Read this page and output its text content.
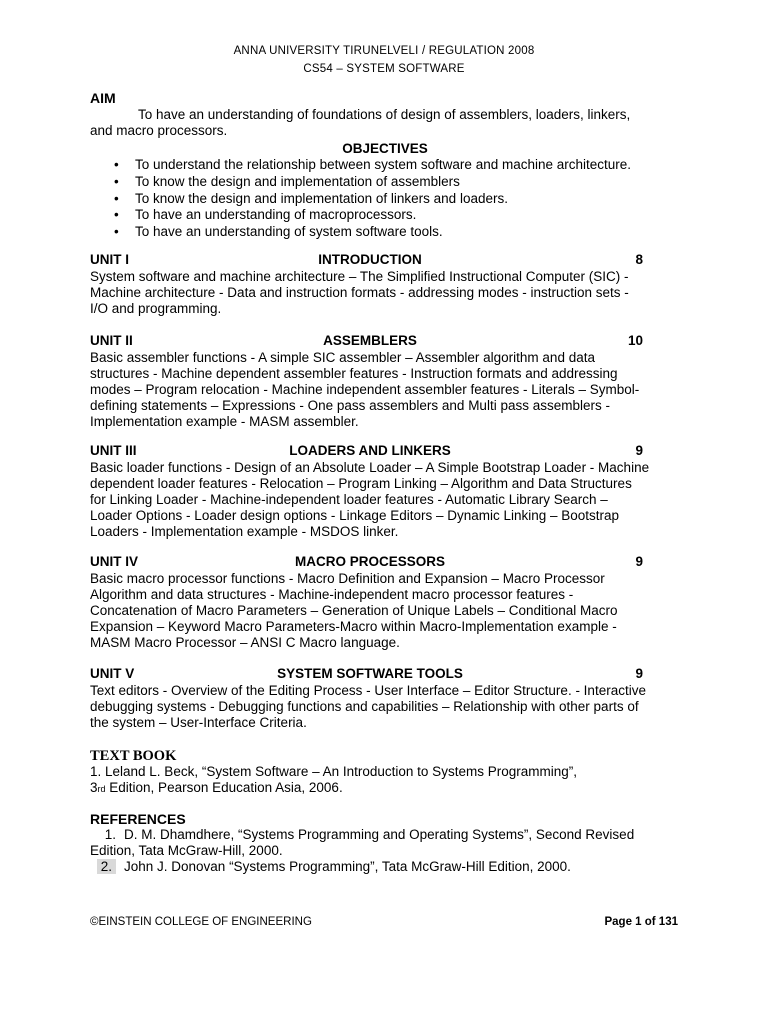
ANNA UNIVERSITY TIRUNELVELI / REGULATION 2008
CS54 – SYSTEM SOFTWARE
AIM

To have an understanding of foundations of design of assemblers, loaders, linkers, and macro processors.

OBJECTIVES
• To understand the relationship between system software and machine architecture.
• To know the design and implementation of assemblers
• To know the design and implementation of linkers and loaders.
• To have an understanding of macroprocessors.
• To have an understanding of system software tools.
UNIT I	INTRODUCTION	8

System software and machine architecture – The Simplified Instructional Computer (SIC) - Machine architecture - Data and instruction formats - addressing modes - instruction sets - I/O and programming.

UNIT II	ASSEMBLERS	10

Basic assembler functions - A simple SIC assembler – Assembler algorithm and data structures - Machine dependent assembler features - Instruction formats and addressing modes – Program relocation - Machine independent assembler features - Literals – Symbol-defining statements – Expressions - One pass assemblers and Multi pass assemblers - Implementation example - MASM assembler.

UNIT III	LOADERS AND LINKERS	9

Basic loader functions - Design of an Absolute Loader – A Simple Bootstrap Loader - Machine dependent loader features - Relocation – Program Linking – Algorithm and Data Structures for Linking Loader - Machine-independent loader features - Automatic Library Search – Loader Options - Loader design options - Linkage Editors – Dynamic Linking – Bootstrap Loaders - Implementation example - MSDOS linker.

UNIT IV	MACRO PROCESSORS	9

Basic macro processor functions - Macro Definition and Expansion – Macro Processor Algorithm and data structures - Machine-independent macro processor features - Concatenation of Macro Parameters – Generation of Unique Labels – Conditional Macro Expansion – Keyword Macro Parameters-Macro within Macro-Implementation example - MASM Macro Processor – ANSI C Macro language.

UNIT V	SYSTEM SOFTWARE TOOLS	9

Text editors - Overview of the Editing Process - User Interface – Editor Structure. - Interactive debugging systems - Debugging functions and capabilities – Relationship with other parts of the system – User-Interface Criteria.

TEXT BOOK
1. Leland L. Beck, “System Software – An Introduction to Systems Programming”,
3rd Edition, Pearson Education Asia, 2006.
REFERENCES

1. D. M. Dhamdhere, “Systems Programming and Operating Systems”, Second Revised Edition, Tata McGraw-Hill, 2000.

2. John J. Donovan “Systems Programming”, Tata McGraw-Hill Edition, 2000.

©EINSTEIN COLLEGE OF ENGINEERING	Page 1 of 131
